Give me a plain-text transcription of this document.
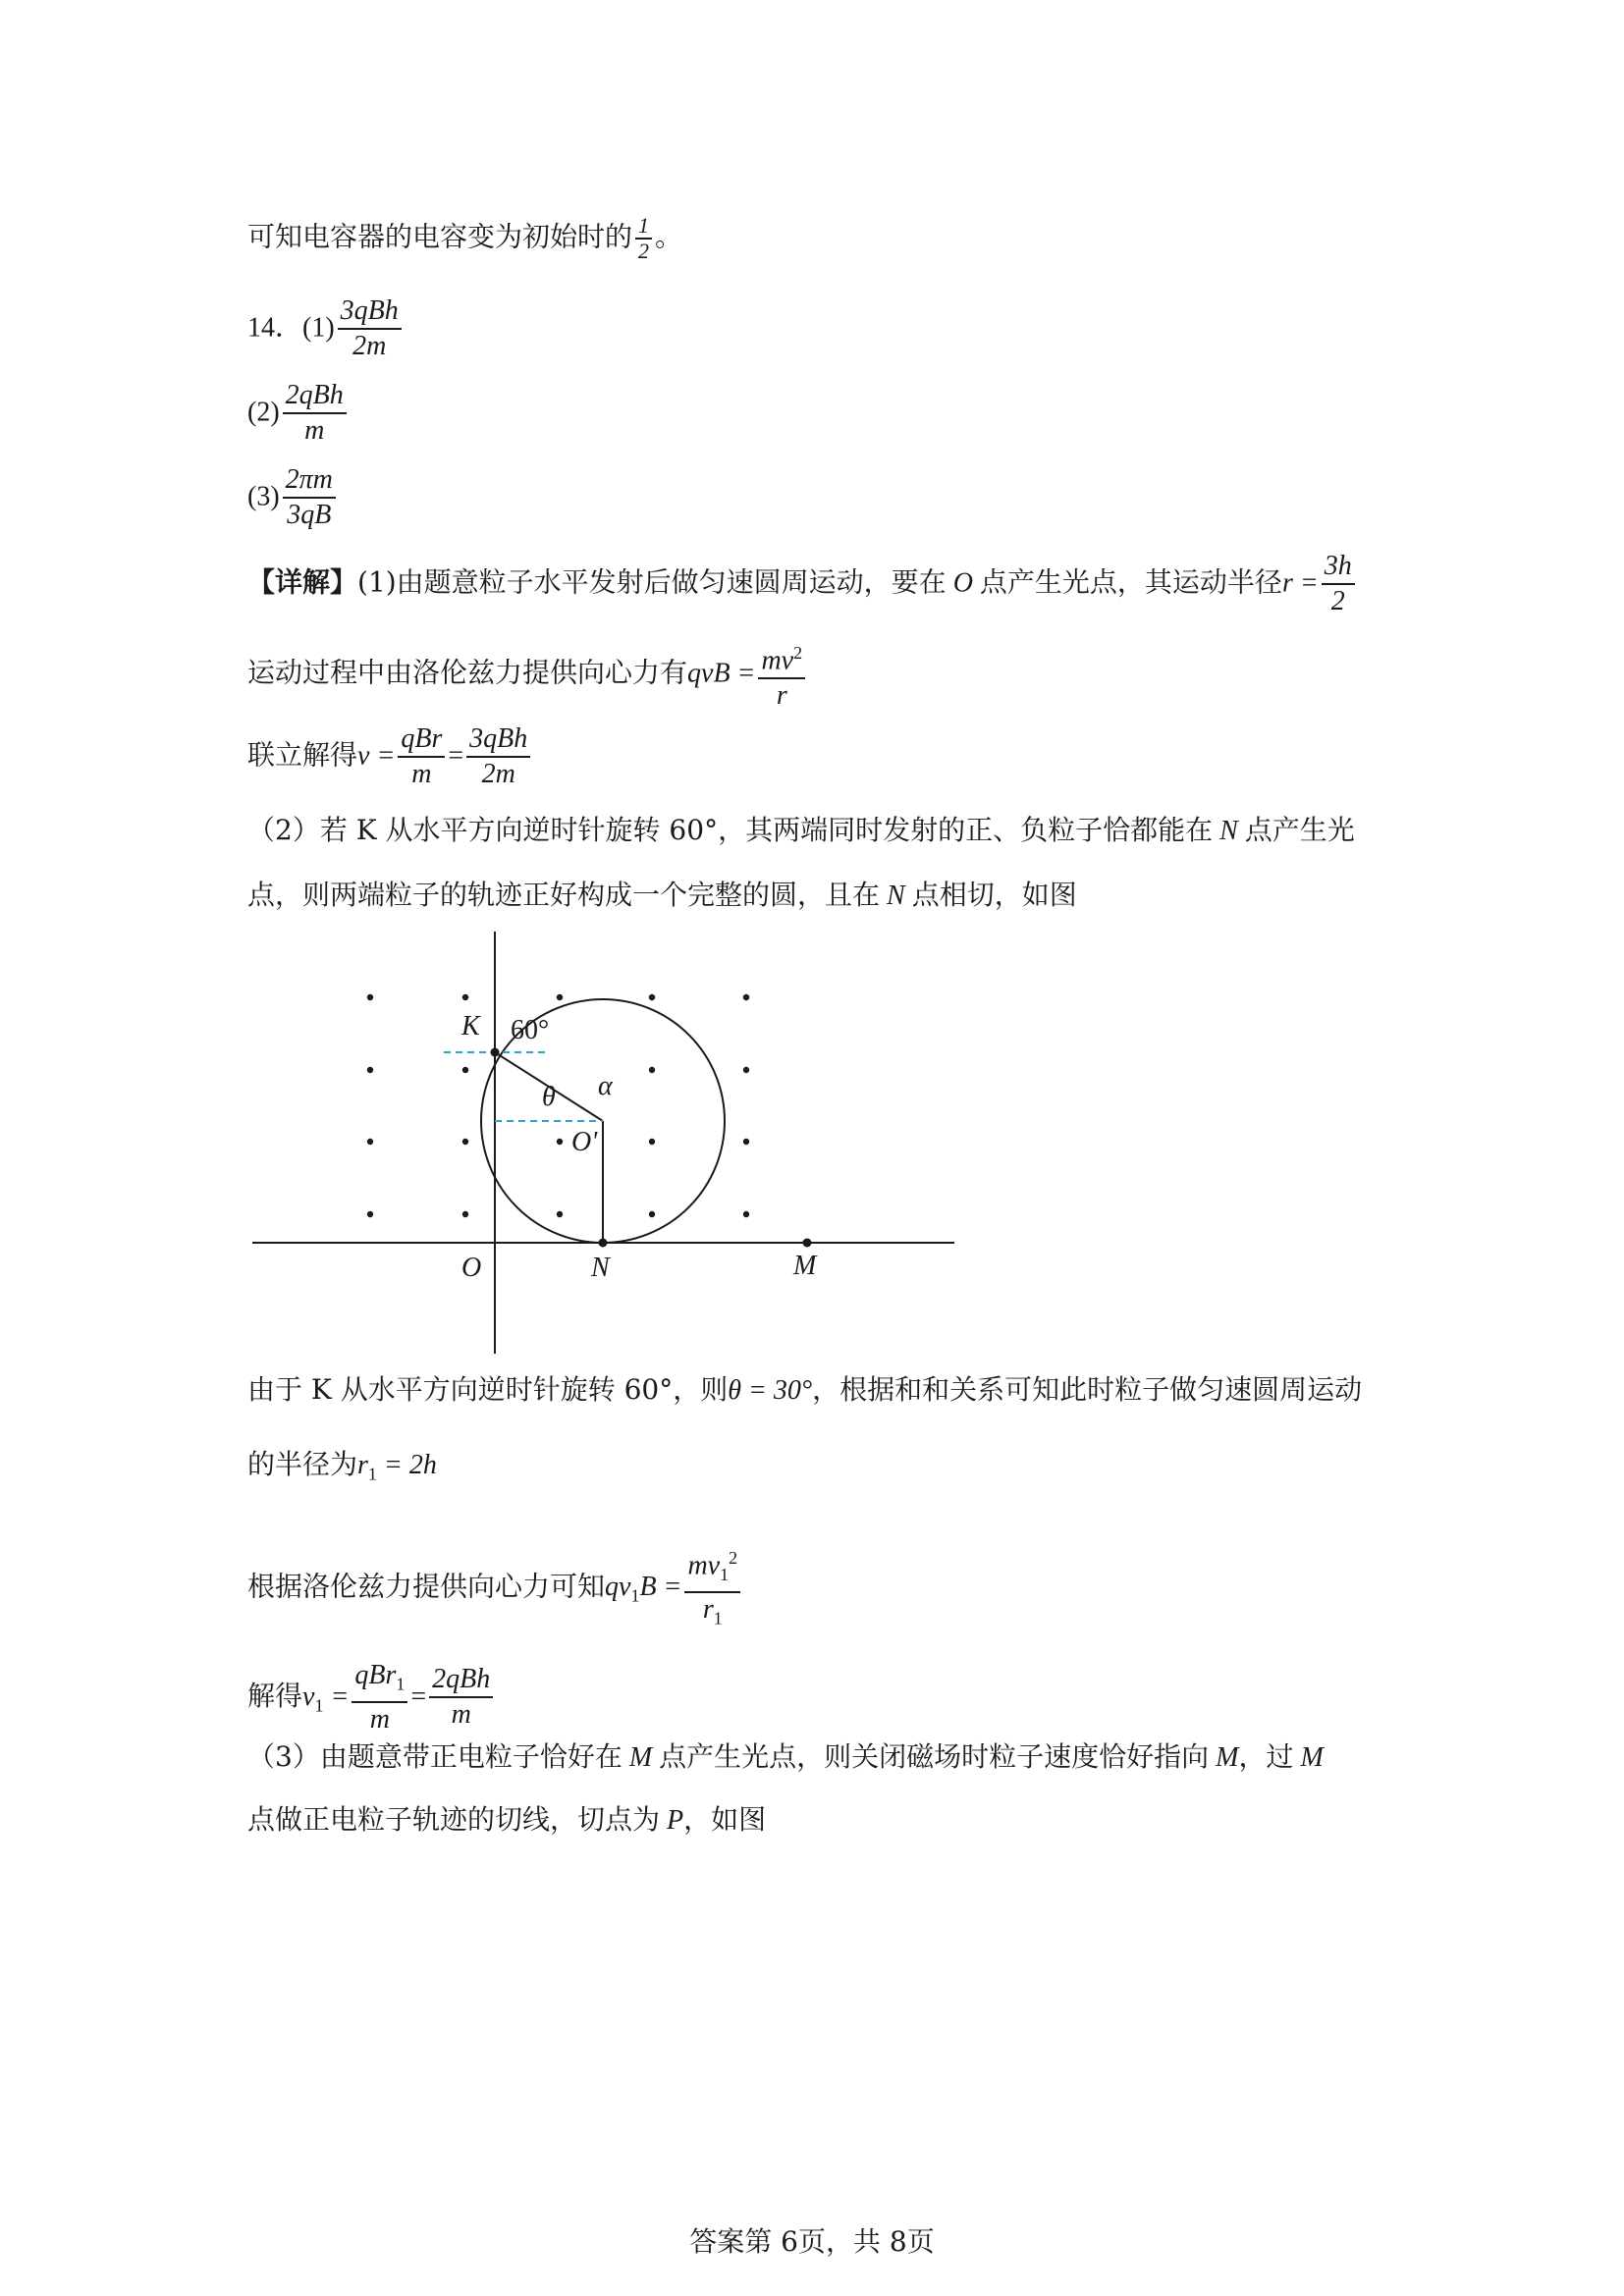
可知电容器的电容变为初始时的 $\frac{1}{2}$ 。
14．$(1) \frac{\text{3qBh}}{2m}$
$(2) \frac{\text{2qBh}}{m}$
$(3) \frac{2\pi m}{3qB}$
【详解】(1)由题意粒子水平发射后做匀速圆周运动，要在 O 点产生光点，其运动半径$r = \frac{3h}{2}$
运动过程中由洛伦兹力提供向心力有qvB = $\frac{mv^2}{r}$
联立解得$v = \frac{\text{qBr}}{m} = \frac{\text{3qBh}}{2m}$
（2）若 K 从水平方向逆时针旋转 60°，其两端同时发射的正、负粒子恰都能在 N 点产生光
点，则两端粒子的轨迹正好构成一个完整的圆，且在 N 点相切，如图
K 60°
θ α
O'
O	N	M
由于 K 从水平方向逆时针旋转 60°，则θ = 30°，根据和和关系可知此时粒子做匀速圆周运动
的半径为$r_1 = 2h$
根据洛伦兹力提供向心力可知$qv_1B = \frac{mv_1^2}{r_1}$
解得$v_1 = \frac{qBr_1}{m} = \frac{\text{2qBh}}{m}$
（3）由题意带正电粒子恰好在 M 点产生光点，则关闭磁场时粒子速度恰好指向 M，过 M
点做正电粒子轨迹的切线，切点为 P，如图
答案第 6页，共 8页
